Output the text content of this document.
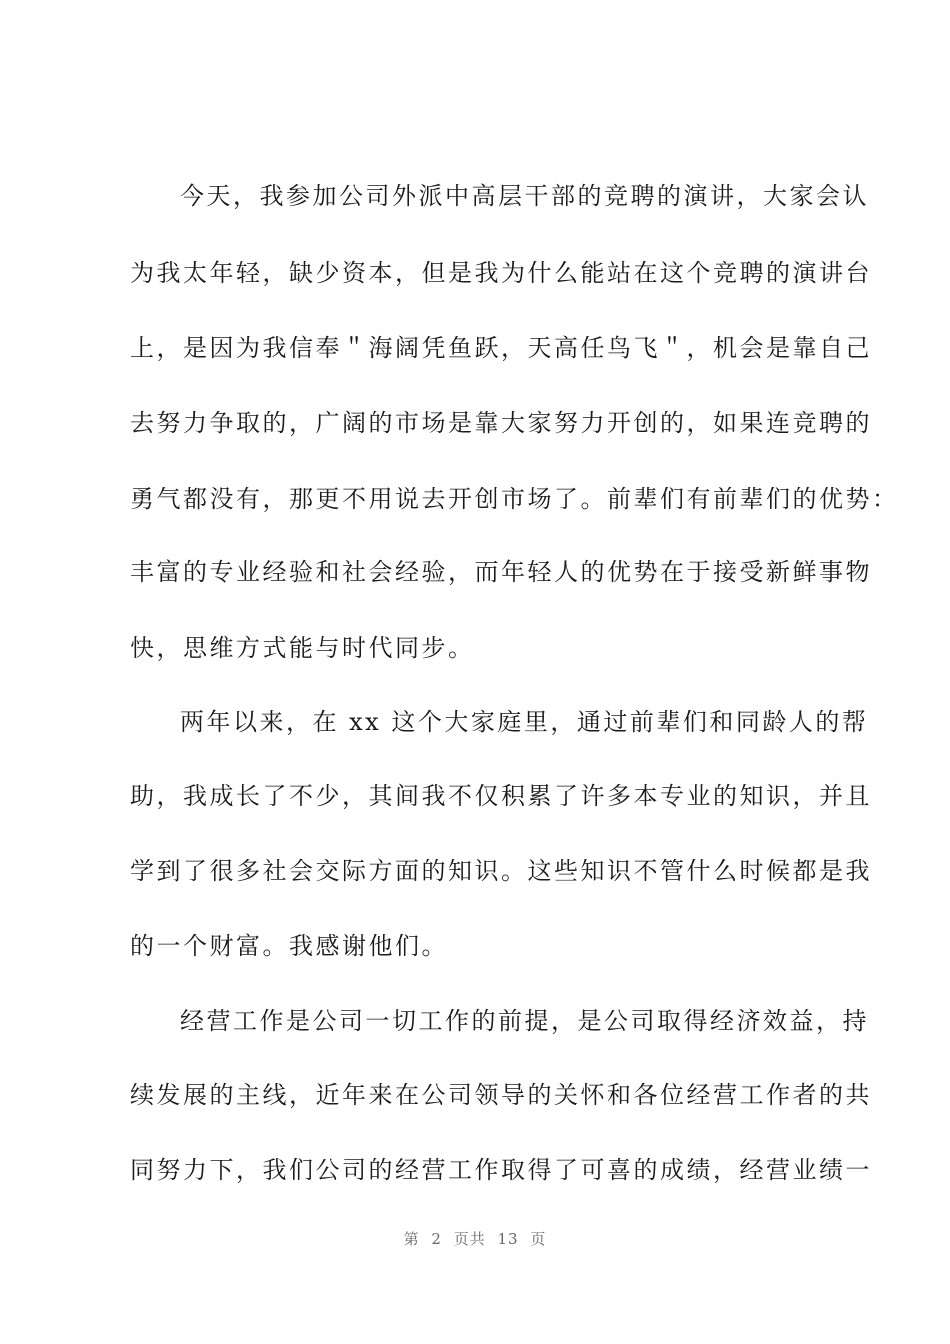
今天，我参加公司外派中高层干部的竞聘的演讲，大家会认
为我太年轻，缺少资本，但是我为什么能站在这个竞聘的演讲台
上，是因为我信奉＂海阔凭鱼跃，天高任鸟飞＂，机会是靠自己
去努力争取的，广阔的市场是靠大家努力开创的，如果连竞聘的
勇气都没有，那更不用说去开创市场了。前辈们有前辈们的优势：
丰富的专业经验和社会经验，而年轻人的优势在于接受新鲜事物
快，思维方式能与时代同步。
两年以来，在 xx 这个大家庭里，通过前辈们和同龄人的帮
助，我成长了不少，其间我不仅积累了许多本专业的知识，并且
学到了很多社会交际方面的知识。这些知识不管什么时候都是我
的一个财富。我感谢他们。
经营工作是公司一切工作的前提，是公司取得经济效益，持
续发展的主线，近年来在公司领导的关怀和各位经营工作者的共
同努力下，我们公司的经营工作取得了可喜的成绩，经营业绩一
第 2 页共 13 页
